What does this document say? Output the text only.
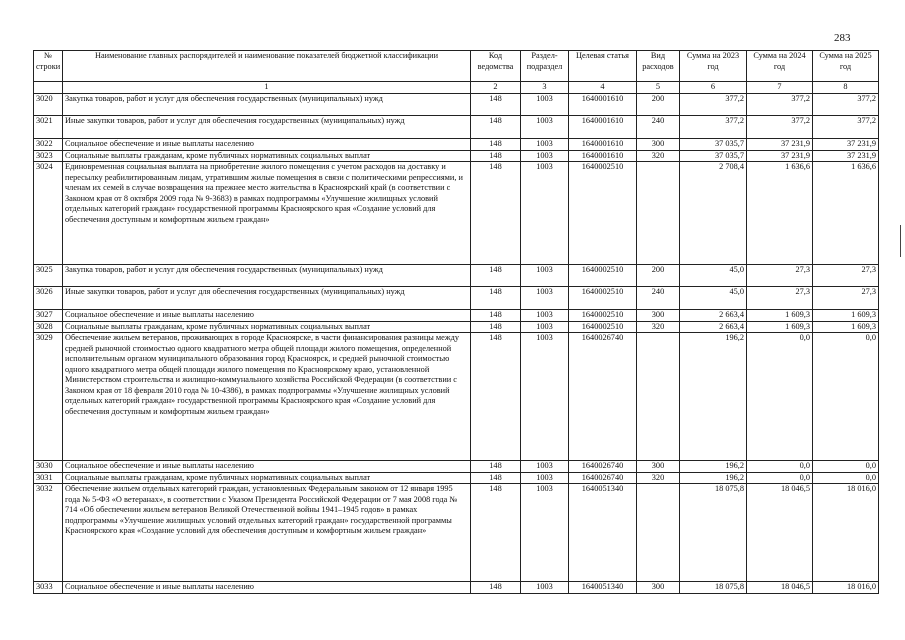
283
№ строки	Наименование главных распорядителей и наименование показателей бюджетной классификации	Код ведомства	Раздел-подраздел	Целевая статья	Вид расходов	Сумма на 2023 год	Сумма на 2024 год	Сумма на 2025 год
	1	2	3	4	5	6	7	8
3020	Закупка товаров, работ и услуг для обеспечения государственных (муниципальных) нужд	148	1003	1640001610	200	377,2	377,2	377,2
3021	Иные закупки товаров, работ и услуг для обеспечения государственных (муниципальных) нужд	148	1003	1640001610	240	377,2	377,2	377,2
3022	Социальное обеспечение и иные выплаты населению	148	1003	1640001610	300	37 035,7	37 231,9	37 231,9
3023	Социальные выплаты гражданам, кроме публичных нормативных социальных выплат	148	1003	1640001610	320	37 035,7	37 231,9	37 231,9
3024	Единовременная социальная выплата на приобретение жилого помещения с учетом расходов на доставку и пересылку реабилитированным лицам, утратившим жилые помещения в связи с политическими репрессиями, и членам их семей в случае возвращения на прежнее место жительства в Красноярский край (в соответствии с Законом края от 8 октября 2009 года № 9-3683) в рамках подпрограммы «Улучшение жилищных условий отдельных категорий граждан» государственной программы Красноярского края «Создание условий для обеспечения доступным и комфортным жильем граждан»	148	1003	1640002510		2 708,4	1 636,6	1 636,6
3025	Закупка товаров, работ и услуг для обеспечения государственных (муниципальных) нужд	148	1003	1640002510	200	45,0	27,3	27,3
3026	Иные закупки товаров, работ и услуг для обеспечения государственных (муниципальных) нужд	148	1003	1640002510	240	45,0	27,3	27,3
3027	Социальное обеспечение и иные выплаты населению	148	1003	1640002510	300	2 663,4	1 609,3	1 609,3
3028	Социальные выплаты гражданам, кроме публичных нормативных социальных выплат	148	1003	1640002510	320	2 663,4	1 609,3	1 609,3
3029	Обеспечение жильем ветеранов, проживающих в городе Красноярске, в части финансирования разницы между средней рыночной стоимостью одного квадратного метра общей площади жилого помещения, определенной исполнительным органом муниципального образования город Красноярск, и средней рыночной стоимостью одного квадратного метра общей площади жилого помещения по Красноярскому краю, установленной Министерством строительства и жилищно-коммунального хозяйства Российской Федерации (в соответствии с Законом края от 18 февраля 2010 года № 10-4386), в рамках подпрограммы «Улучшение жилищных условий отдельных категорий граждан» государственной программы Красноярского края «Создание условий для обеспечения доступным и комфортным жильем граждан»	148	1003	1640026740		196,2	0,0	0,0
3030	Социальное обеспечение и иные выплаты населению	148	1003	1640026740	300	196,2	0,0	0,0
3031	Социальные выплаты гражданам, кроме публичных нормативных социальных выплат	148	1003	1640026740	320	196,2	0,0	0,0
3032	Обеспечение жильем отдельных категорий граждан, установленных Федеральным законом от 12 января 1995 года № 5-ФЗ «О ветеранах», в соответствии с Указом Президента Российской Федерации от 7 мая 2008 года № 714 «Об обеспечении жильем ветеранов Великой Отечественной войны 1941–1945 годов» в рамках подпрограммы «Улучшение жилищных условий отдельных категорий граждан» государственной программы Красноярского края «Создание условий для обеспечения доступным и комфортным жильем граждан»	148	1003	1640051340		18 075,8	18 046,5	18 016,0
3033	Социальное обеспечение и иные выплаты населению	148	1003	1640051340	300	18 075,8	18 046,5	18 016,0
